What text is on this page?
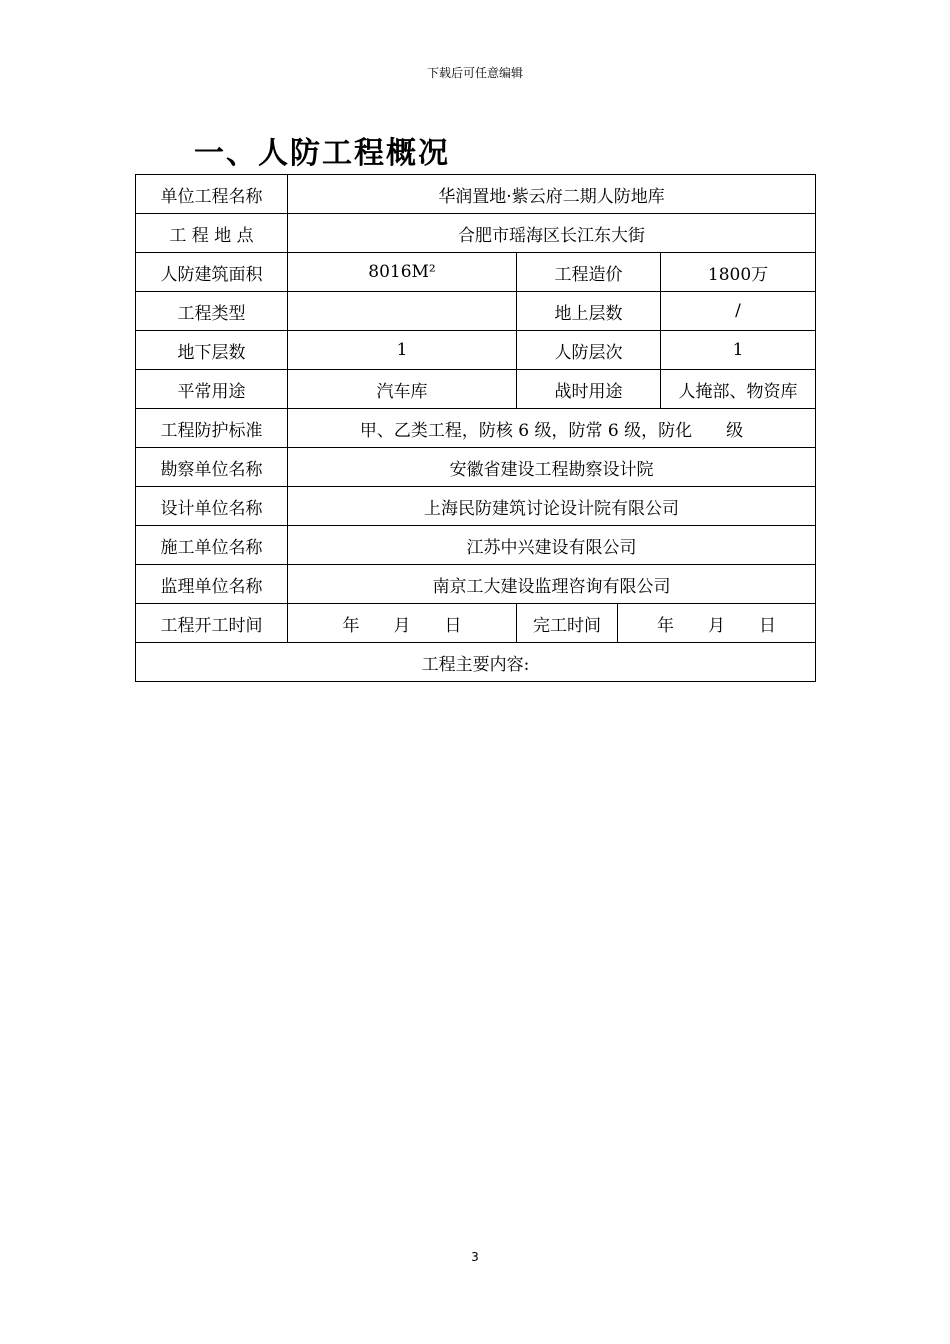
下载后可任意编辑
一、人防工程概况
单位工程名称	华润置地·紫云府二期人防地库			
工 程 地 点	合肥市瑶海区长江东大街			
人防建筑面积	8016M²	工程造价		1800万
工程类型		地上层数		/
地下层数	1	人防层次		1
平常用途	汽车库	战时用途		人掩部、物资库
工程防护标准	甲、乙类工程，防核 6 级，防常 6 级，防化　　级			
勘察单位名称	安徽省建设工程勘察设计院			
设计单位名称	上海民防建筑讨论设计院有限公司			
施工单位名称	江苏中兴建设有限公司			
监理单位名称	南京工大建设监理咨询有限公司			
工程开工时间	年　　月　　日	完工时间	年　　月　　日	
工程主要内容:				
3
